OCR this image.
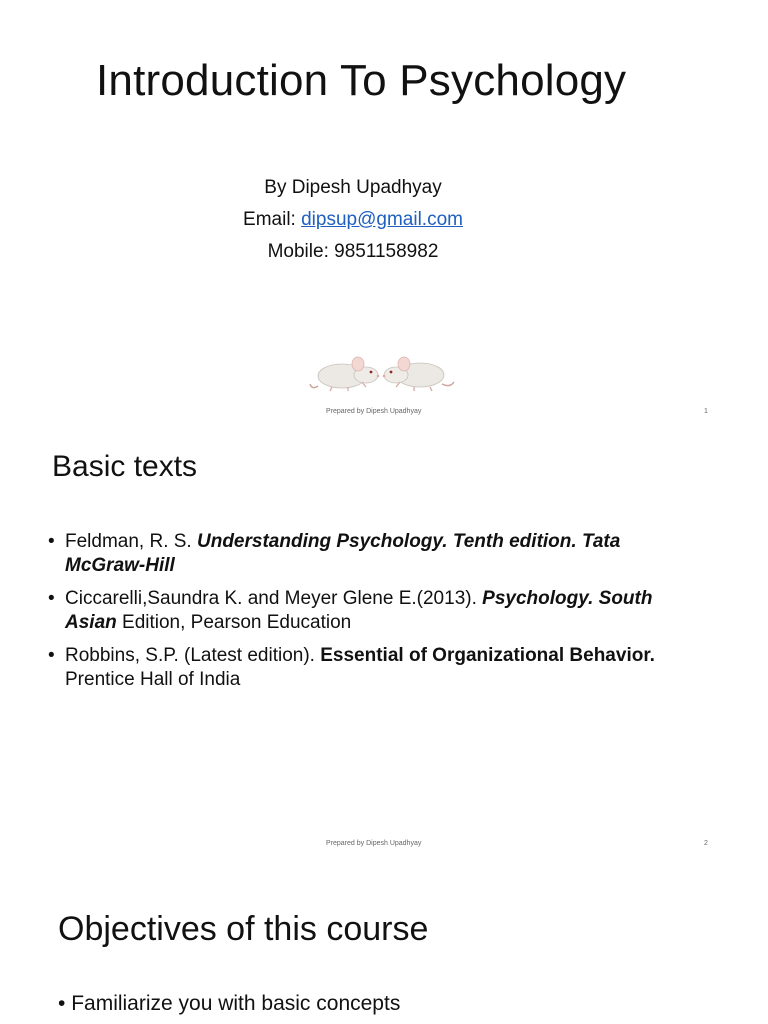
Introduction To Psychology
By Dipesh Upadhyay
Email: dipsup@gmail.com
Mobile: 9851158982
Prepared by Dipesh Upadhyay	1
Basic texts
• Feldman, R. S. Understanding Psychology. Tenth edition. Tata McGraw-Hill
• Ciccarelli,Saundra K. and Meyer Glene E.(2013). Psychology. South Asian Edition, Pearson Education
• Robbins, S.P. (Latest edition). Essential of Organizational Behavior. Prentice Hall of India
Prepared by Dipesh Upadhyay	2
Objectives of this course
• Familiarize you with basic concepts
